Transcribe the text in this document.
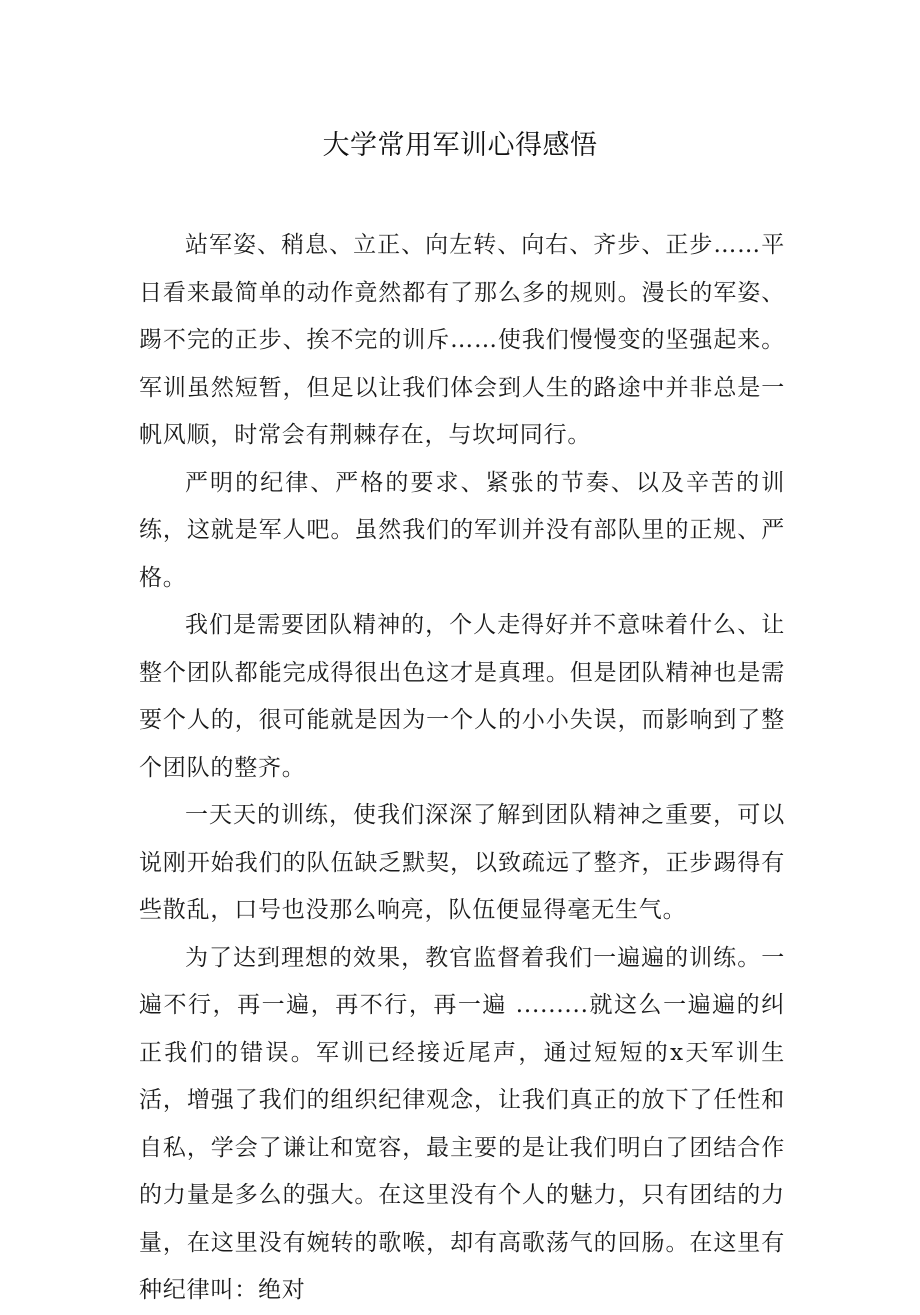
大学常用军训心得感悟

站军姿、稍息、立正、向左转、向右、齐步、正步……平日看来最简单的动作竟然都有了那么多的规则。漫长的军姿、踢不完的正步、挨不完的训斥……使我们慢慢变的坚强起来。军训虽然短暂，但足以让我们体会到人生的路途中并非总是一帆风顺，时常会有荆棘存在，与坎坷同行。

严明的纪律、严格的要求、紧张的节奏、以及辛苦的训练，这就是军人吧。虽然我们的军训并没有部队里的正规、严格。

我们是需要团队精神的，个人走得好并不意味着什么、让整个团队都能完成得很出色这才是真理。但是团队精神也是需要个人的，很可能就是因为一个人的小小失误，而影响到了整个团队的整齐。

一天天的训练，使我们深深了解到团队精神之重要，可以说刚开始我们的队伍缺乏默契，以致疏远了整齐，正步踢得有些散乱，口号也没那么响亮，队伍便显得毫无生气。

为了达到理想的效果，教官监督着我们一遍遍的训练。一遍不行，再一遍，再不行，再一遍 .........就这么一遍遍的纠正我们的错误。军训已经接近尾声，通过短短的x天军训生活，增强了我们的组织纪律观念，让我们真正的放下了任性和自私，学会了谦让和宽容，最主要的是让我们明白了团结合作的力量是多么的强大。在这里没有个人的魅力，只有团结的力量，在这里没有婉转的歌喉，却有高歌荡气的回肠。在这里有种纪律叫：绝对
